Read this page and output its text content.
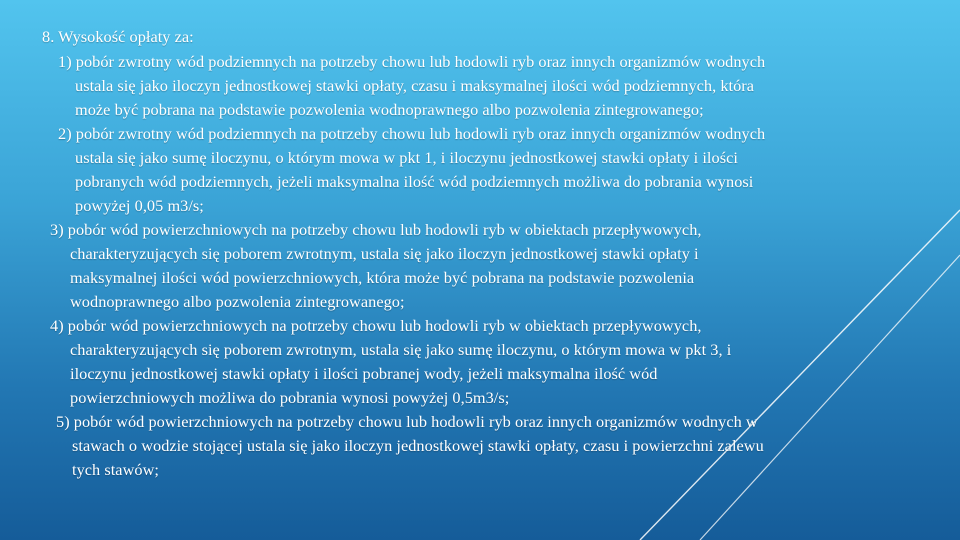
8. Wysokość opłaty za:
1) pobór zwrotny wód podziemnych na potrzeby chowu lub hodowli ryb oraz innych organizmów wodnych
ustala się jako iloczyn jednostkowej stawki opłaty, czasu i maksymalnej ilości wód podziemnych, która
może być pobrana na podstawie pozwolenia wodnoprawnego albo pozwolenia zintegrowanego;
2) pobór zwrotny wód podziemnych na potrzeby chowu lub hodowli ryb oraz innych organizmów wodnych
ustala się jako sumę iloczynu, o którym mowa w pkt 1, i iloczynu jednostkowej stawki opłaty i ilości
pobranych wód podziemnych, jeżeli maksymalna ilość wód podziemnych możliwa do pobrania wynosi
powyżej 0,05 m3/s;
3) pobór wód powierzchniowych na potrzeby chowu lub hodowli ryb w obiektach przepływowych,
charakteryzujących się poborem zwrotnym, ustala się jako iloczyn jednostkowej stawki opłaty i
maksymalnej ilości wód powierzchniowych, która może być pobrana na podstawie pozwolenia
wodnoprawnego albo pozwolenia zintegrowanego;
4) pobór wód powierzchniowych na potrzeby chowu lub hodowli ryb w obiektach przepływowych,
charakteryzujących się poborem zwrotnym, ustala się jako sumę iloczynu, o którym mowa w pkt 3, i
iloczynu jednostkowej stawki opłaty i ilości pobranej wody, jeżeli maksymalna ilość wód
powierzchniowych możliwa do pobrania wynosi powyżej 0,5m3/s;
5) pobór wód powierzchniowych na potrzeby chowu lub hodowli ryb oraz innych organizmów wodnych w
stawach o wodzie stojącej ustala się jako iloczyn jednostkowej stawki opłaty, czasu i powierzchni zalewu
tych stawów;
